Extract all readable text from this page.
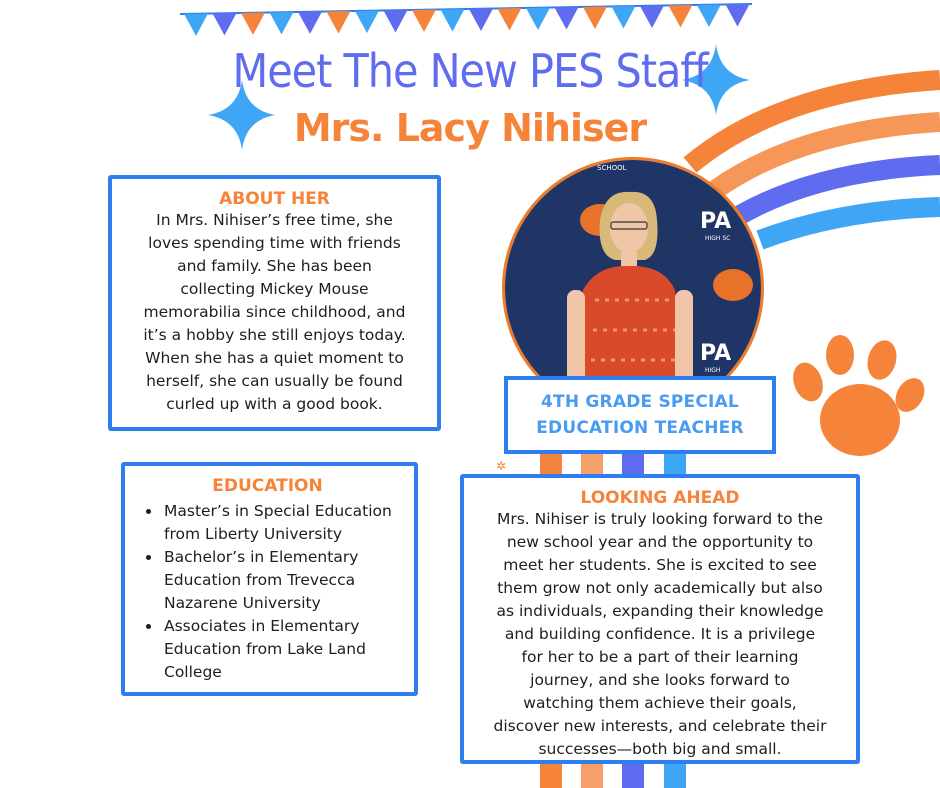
✲
Meet The New PES Staff
Mrs. Lacy Nihiser

ABOUT HER

In Mrs. Nihiser’s free time, she
loves spending time with friends
and family. She has been
collecting Mickey Mouse
memorabilia since childhood, and
it’s a hobby she still enjoys today.
When she has a quiet moment to
herself, she can usually be found
curled up with a good book.

EDUCATION

• Master’s in Special Education from Liberty University
• Bachelor’s in Elementary Education from Trevecca Nazarene University
• Associates in Elementary Education from Lake Land College
SCHOOL
PA
HIGH SC
PA
HIGH
4TH GRADE SPECIAL
EDUCATION TEACHER

LOOKING AHEAD

Mrs. Nihiser is truly looking forward to the
new school year and the opportunity to
meet her students. She is excited to see
them grow not only academically but also
as individuals, expanding their knowledge
and building confidence. It is a privilege
for her to be a part of their learning
journey, and she looks forward to
watching them achieve their goals,
discover new interests, and celebrate their
successes—both big and small.
